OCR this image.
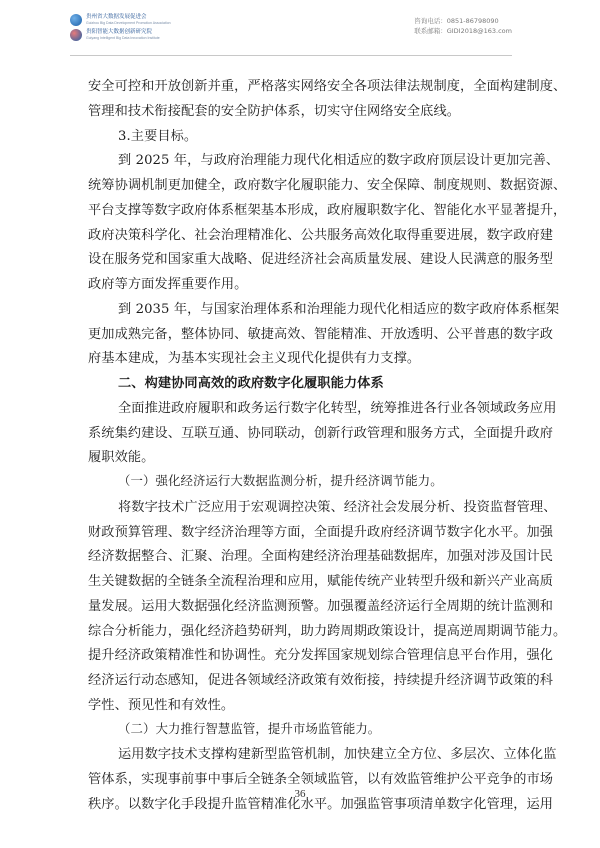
贵州省大数据发展促进会
Guizhou Big Data Development Promotion Association
贵阳智能大数据创新研究院
Guiyang Intelligent Big Data Innovation Institute
咨询电话：0851-86798090
联系邮箱：GIDI2018@163.com
安全可控和开放创新并重，严格落实网络安全各项法律法规制度，全面构建制度、
管理和技术衔接配套的安全防护体系，切实守住网络安全底线。
3.主要目标。
到 2025 年，与政府治理能力现代化相适应的数字政府顶层设计更加完善、
统筹协调机制更加健全，政府数字化履职能力、安全保障、制度规则、数据资源、
平台支撑等数字政府体系框架基本形成，政府履职数字化、智能化水平显著提升，
政府决策科学化、社会治理精准化、公共服务高效化取得重要进展，数字政府建
设在服务党和国家重大战略、促进经济社会高质量发展、建设人民满意的服务型
政府等方面发挥重要作用。
到 2035 年，与国家治理体系和治理能力现代化相适应的数字政府体系框架
更加成熟完备，整体协同、敏捷高效、智能精准、开放透明、公平普惠的数字政
府基本建成，为基本实现社会主义现代化提供有力支撑。
二、构建协同高效的政府数字化履职能力体系
全面推进政府履职和政务运行数字化转型，统筹推进各行业各领域政务应用
系统集约建设、互联互通、协同联动，创新行政管理和服务方式，全面提升政府
履职效能。
（一）强化经济运行大数据监测分析，提升经济调节能力。
将数字技术广泛应用于宏观调控决策、经济社会发展分析、投资监督管理、
财政预算管理、数字经济治理等方面，全面提升政府经济调节数字化水平。加强
经济数据整合、汇聚、治理。全面构建经济治理基础数据库，加强对涉及国计民
生关键数据的全链条全流程治理和应用，赋能传统产业转型升级和新兴产业高质
量发展。运用大数据强化经济监测预警。加强覆盖经济运行全周期的统计监测和
综合分析能力，强化经济趋势研判，助力跨周期政策设计，提高逆周期调节能力。
提升经济政策精准性和协调性。充分发挥国家规划综合管理信息平台作用，强化
经济运行动态感知，促进各领域经济政策有效衔接，持续提升经济调节政策的科
学性、预见性和有效性。
（二）大力推行智慧监管，提升市场监管能力。
运用数字技术支撑构建新型监管机制，加快建立全方位、多层次、立体化监
管体系，实现事前事中事后全链条全领域监管，以有效监管维护公平竞争的市场
秩序。以数字化手段提升监管精准化水平。加强监管事项清单数字化管理，运用
36
